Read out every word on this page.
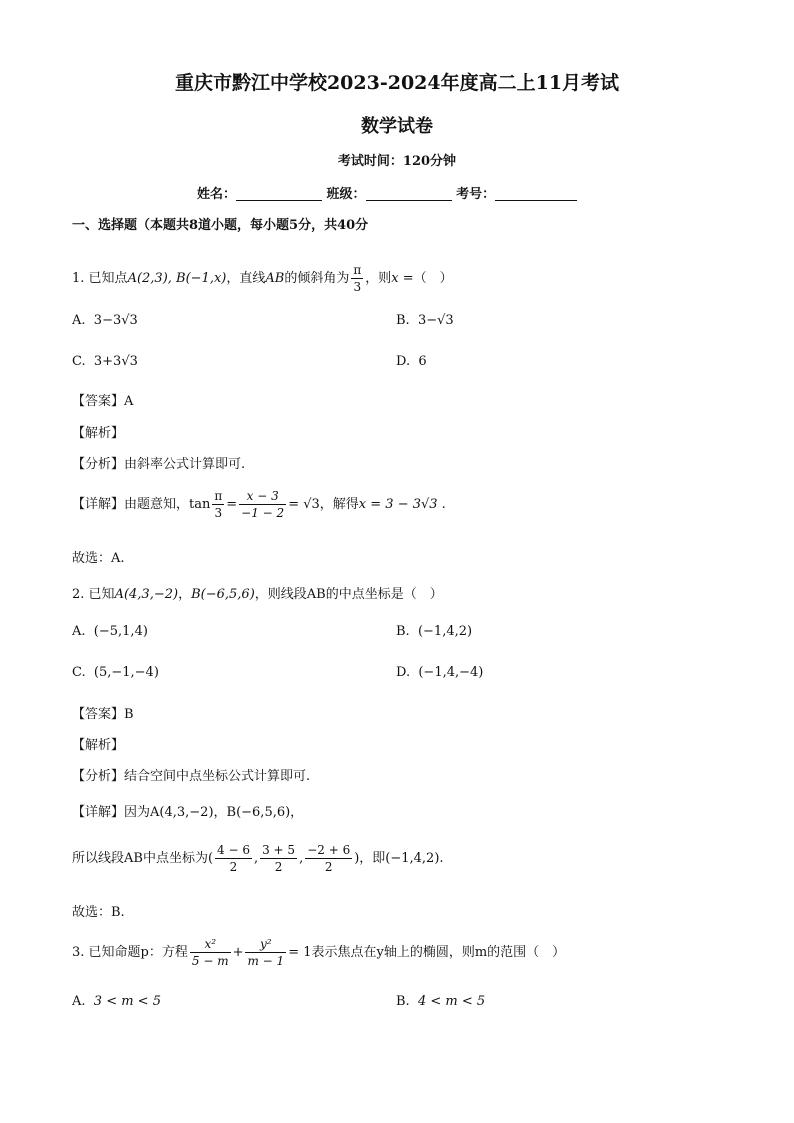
重庆市黔江中学校2023-2024年度高二上11月考试
数学试卷
考试时间：120分钟
姓名：	班级：	考号：
一、选择题（本题共8道小题，每小题5分，共40分
1. 已知点A(2,3), B(−1,x)，直线AB的倾斜角为 $\frac{\pi}{3}$ ，则x =（　）
A. 3−3√3	B. 3−√3
C. 3+3√3	D. 6
【答案】A
【解析】
【分析】由斜率公式计算即可.
【详解】由题意知，$\tan \frac{\pi}{3} = \frac{x - 3}{-1 - 2} = √3$，解得x = 3 − 3√3 .
故选：A.
2. 已知A(4,3,−2)，B(−6,5,6)，则线段AB的中点坐标是（　）
A. (−5,1,4)	B. (−1,4,2)
C. (5,−1,−4)	D. (−1,4,−4)
【答案】B
【解析】
【分析】结合空间中点坐标公式计算即可.
【详解】因为A(4,3,−2)，B(−6,5,6)，
所以线段AB中点坐标为( $\frac{4 - 6}{2}$ , $\frac{3 + 5}{2}$ , $\frac{-2 + 6}{2}$ )，即(−1,4,2).
故选：B.
3. 已知命题p：方程 $\frac{\text{x²}}{5 - m} + \frac{\text{y²}}{m - 1} = 1$表示焦点在y轴上的椭圆，则m的范围（　）
A. 3 < m < 5	B. 4 < m < 5
